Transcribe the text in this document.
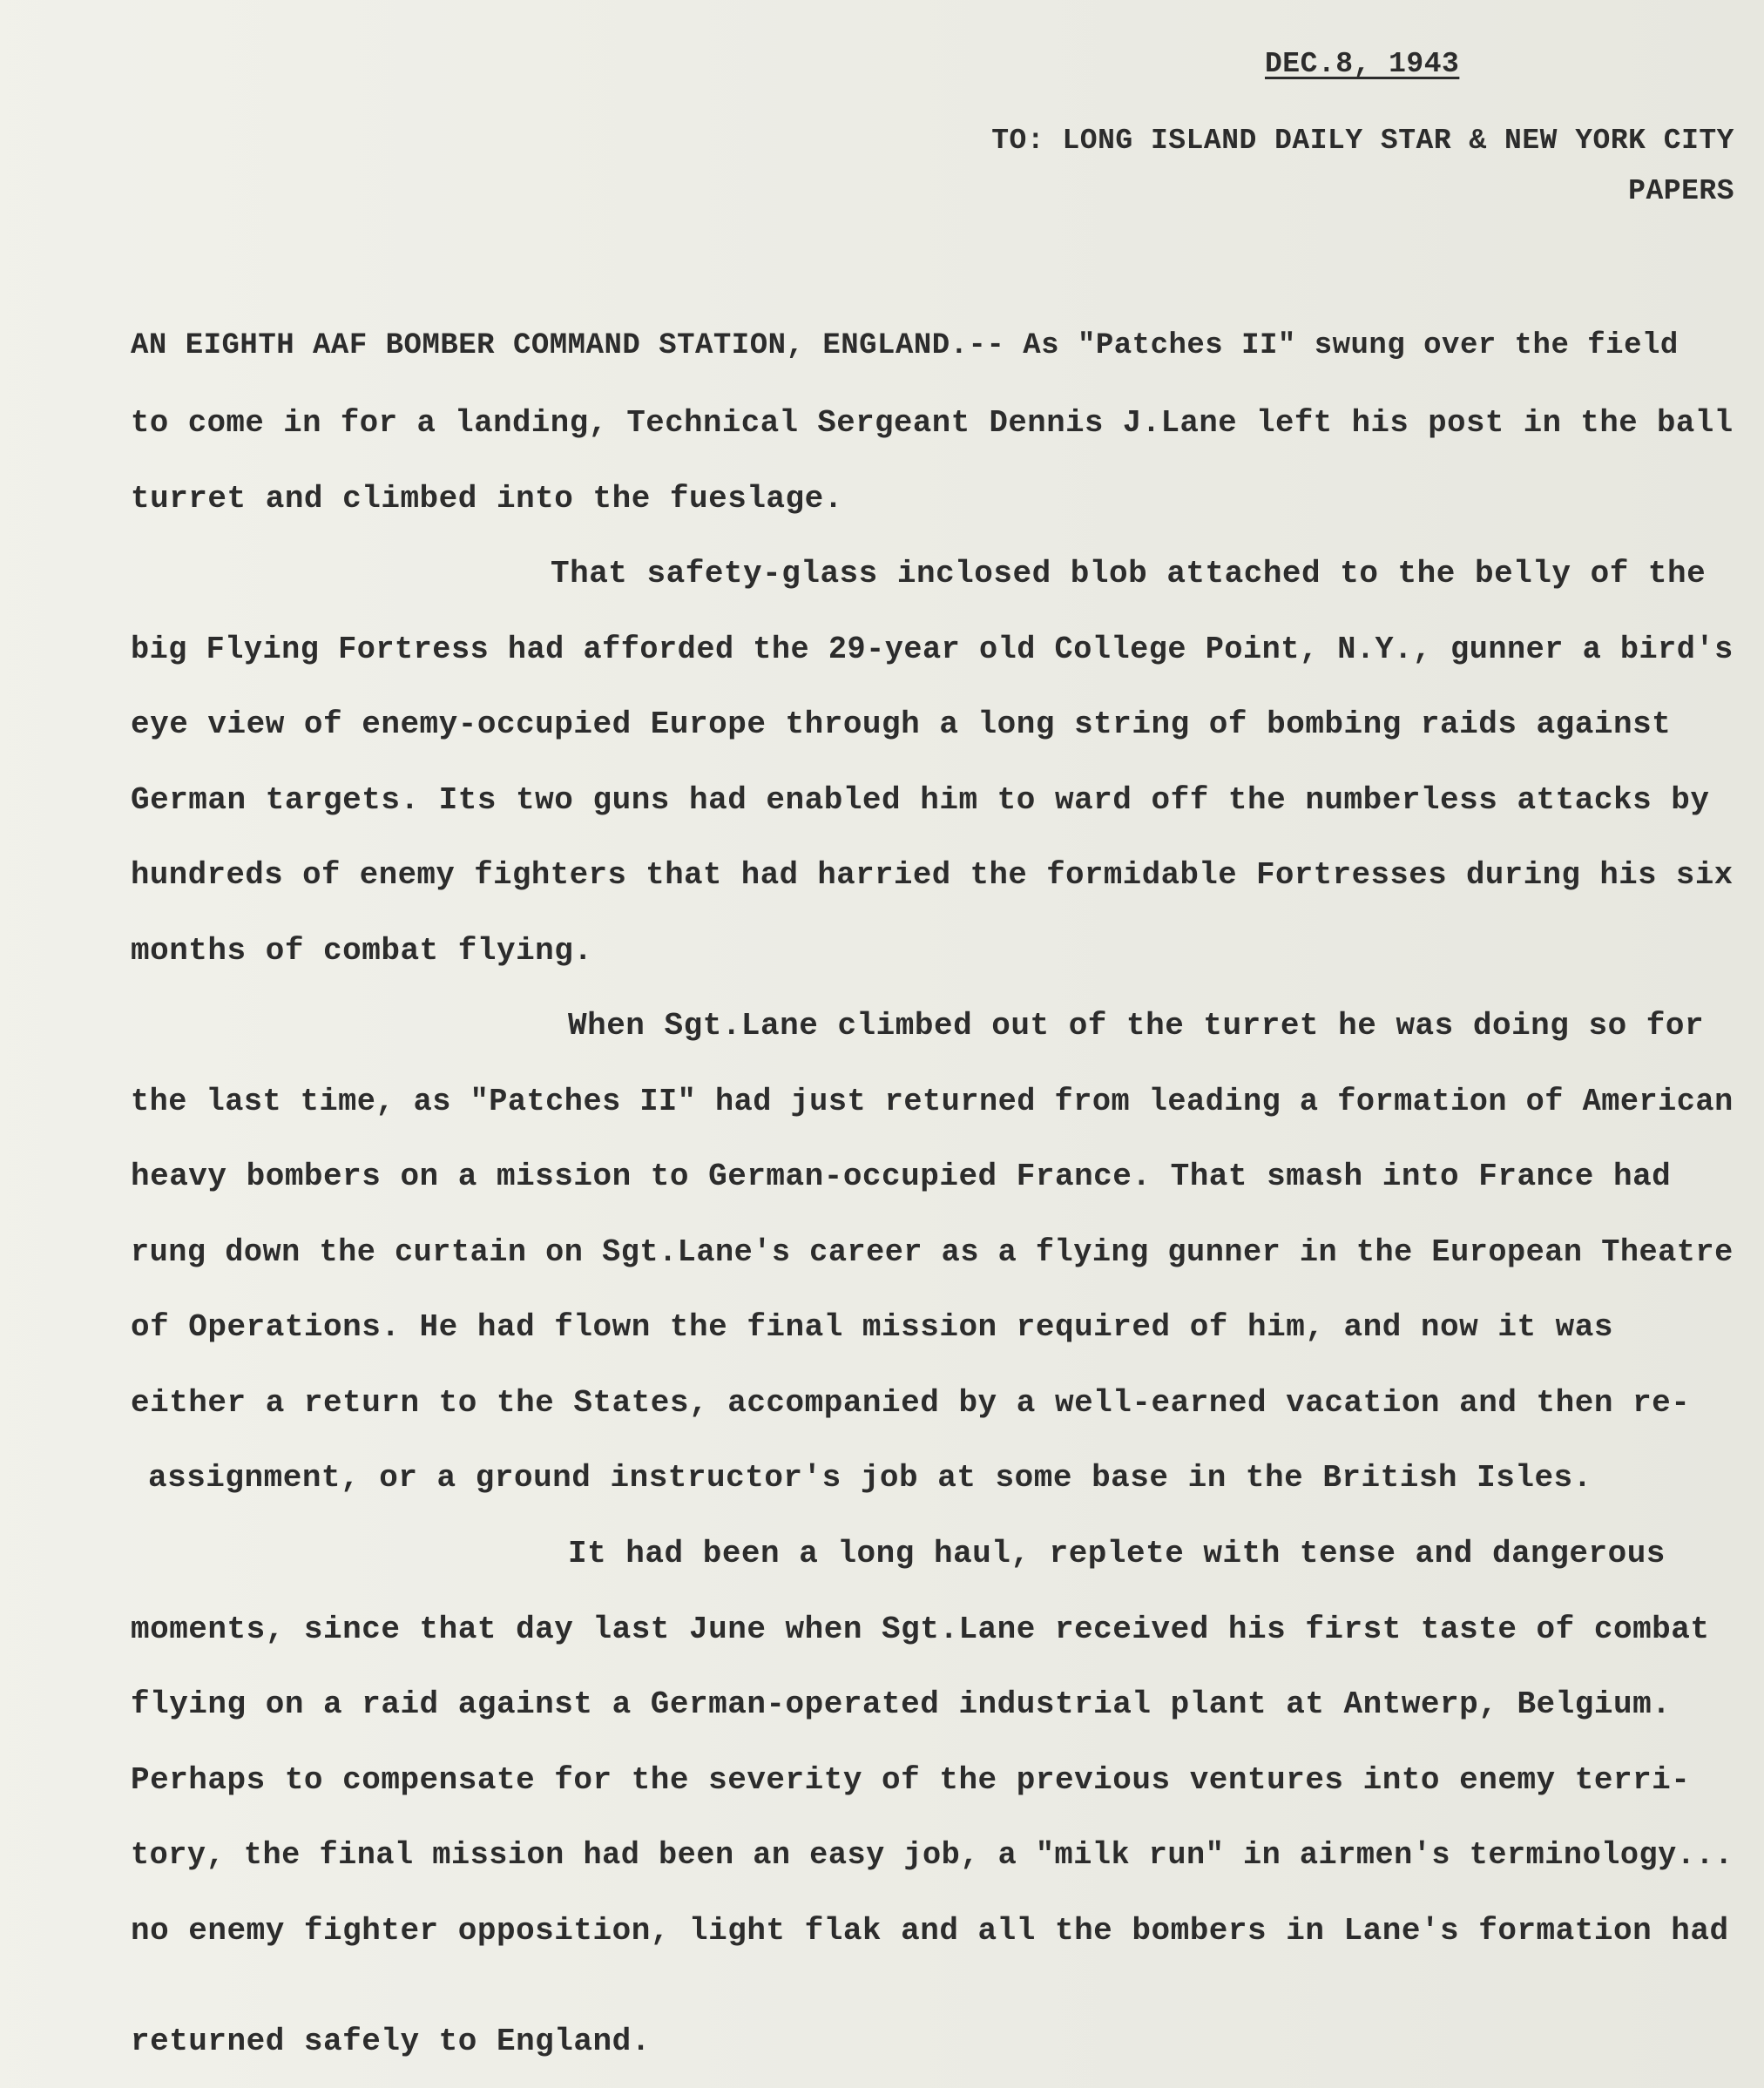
DEC.8, 1943
TO: LONG ISLAND DAILY STAR & NEW YORK CITY
PAPERS
AN EIGHTH AAF BOMBER COMMAND STATION, ENGLAND.-- As "Patches II" swung over the field
to come in for a landing, Technical Sergeant Dennis J.Lane left his post in the ball
turret and climbed into the fueslage.
That safety-glass inclosed blob attached to the belly of the
big Flying Fortress had afforded the 29-year old College Point, N.Y., gunner a bird's
eye view of enemy-occupied Europe through a long string of bombing raids against
German targets. Its two guns had enabled him to ward off the numberless attacks by
hundreds of enemy fighters that had harried the formidable Fortresses during his six
months of combat flying.
When Sgt.Lane climbed out of the turret he was doing so for
the last time, as "Patches II" had just returned from leading a formation of American
heavy bombers on a mission to German-occupied France. That smash into France had
rung down the curtain on Sgt.Lane's career as a flying gunner in the European Theatre
of Operations. He had flown the final mission required of him, and now it was
either a return to the States, accompanied by a well-earned vacation and then re-
assignment, or a ground instructor's job at some base in the British Isles.
It had been a long haul, replete with tense and dangerous
moments, since that day last June when Sgt.Lane received his first taste of combat
flying on a raid against a German-operated industrial plant at Antwerp, Belgium.
Perhaps to compensate for the severity of the previous ventures into enemy terri-
tory, the final mission had been an easy job, a "milk run" in airmen's terminology...
no enemy fighter opposition, light flak and all the bombers in Lane's formation had
returned safely to England.
